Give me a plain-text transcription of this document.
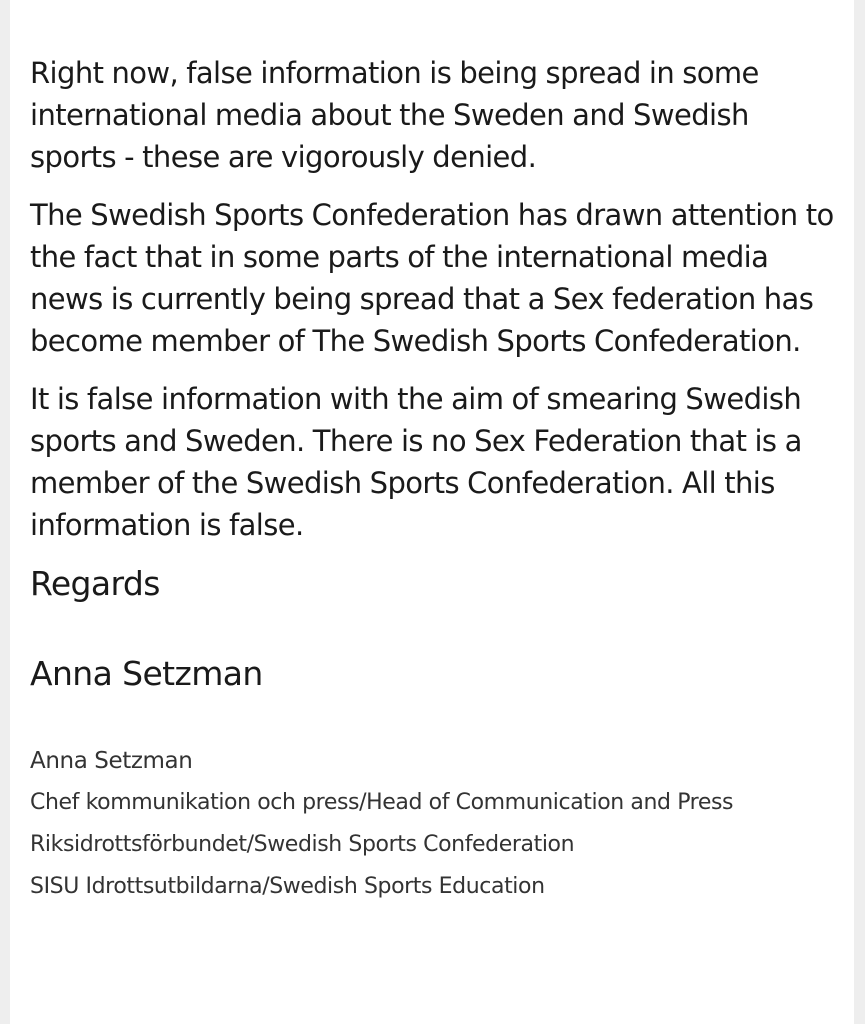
Right now, false information is being spread in some international media about the Sweden and Swedish sports - these are vigorously denied.

The Swedish Sports Confederation has drawn attention to the fact that in some parts of the international media news is currently being spread that a Sex federation has become member of The Swedish Sports Confederation.

It is false information with the aim of smearing Swedish sports and Sweden. There is no Sex Federation that is a member of the Swedish Sports Confederation. All this information is false.

Regards
Anna Setzman
Anna Setzman
Chef kommunikation och press/Head of Communication and Press
Riksidrottsförbundet/Swedish Sports Confederation
SISU Idrottsutbildarna/Swedish Sports Education
